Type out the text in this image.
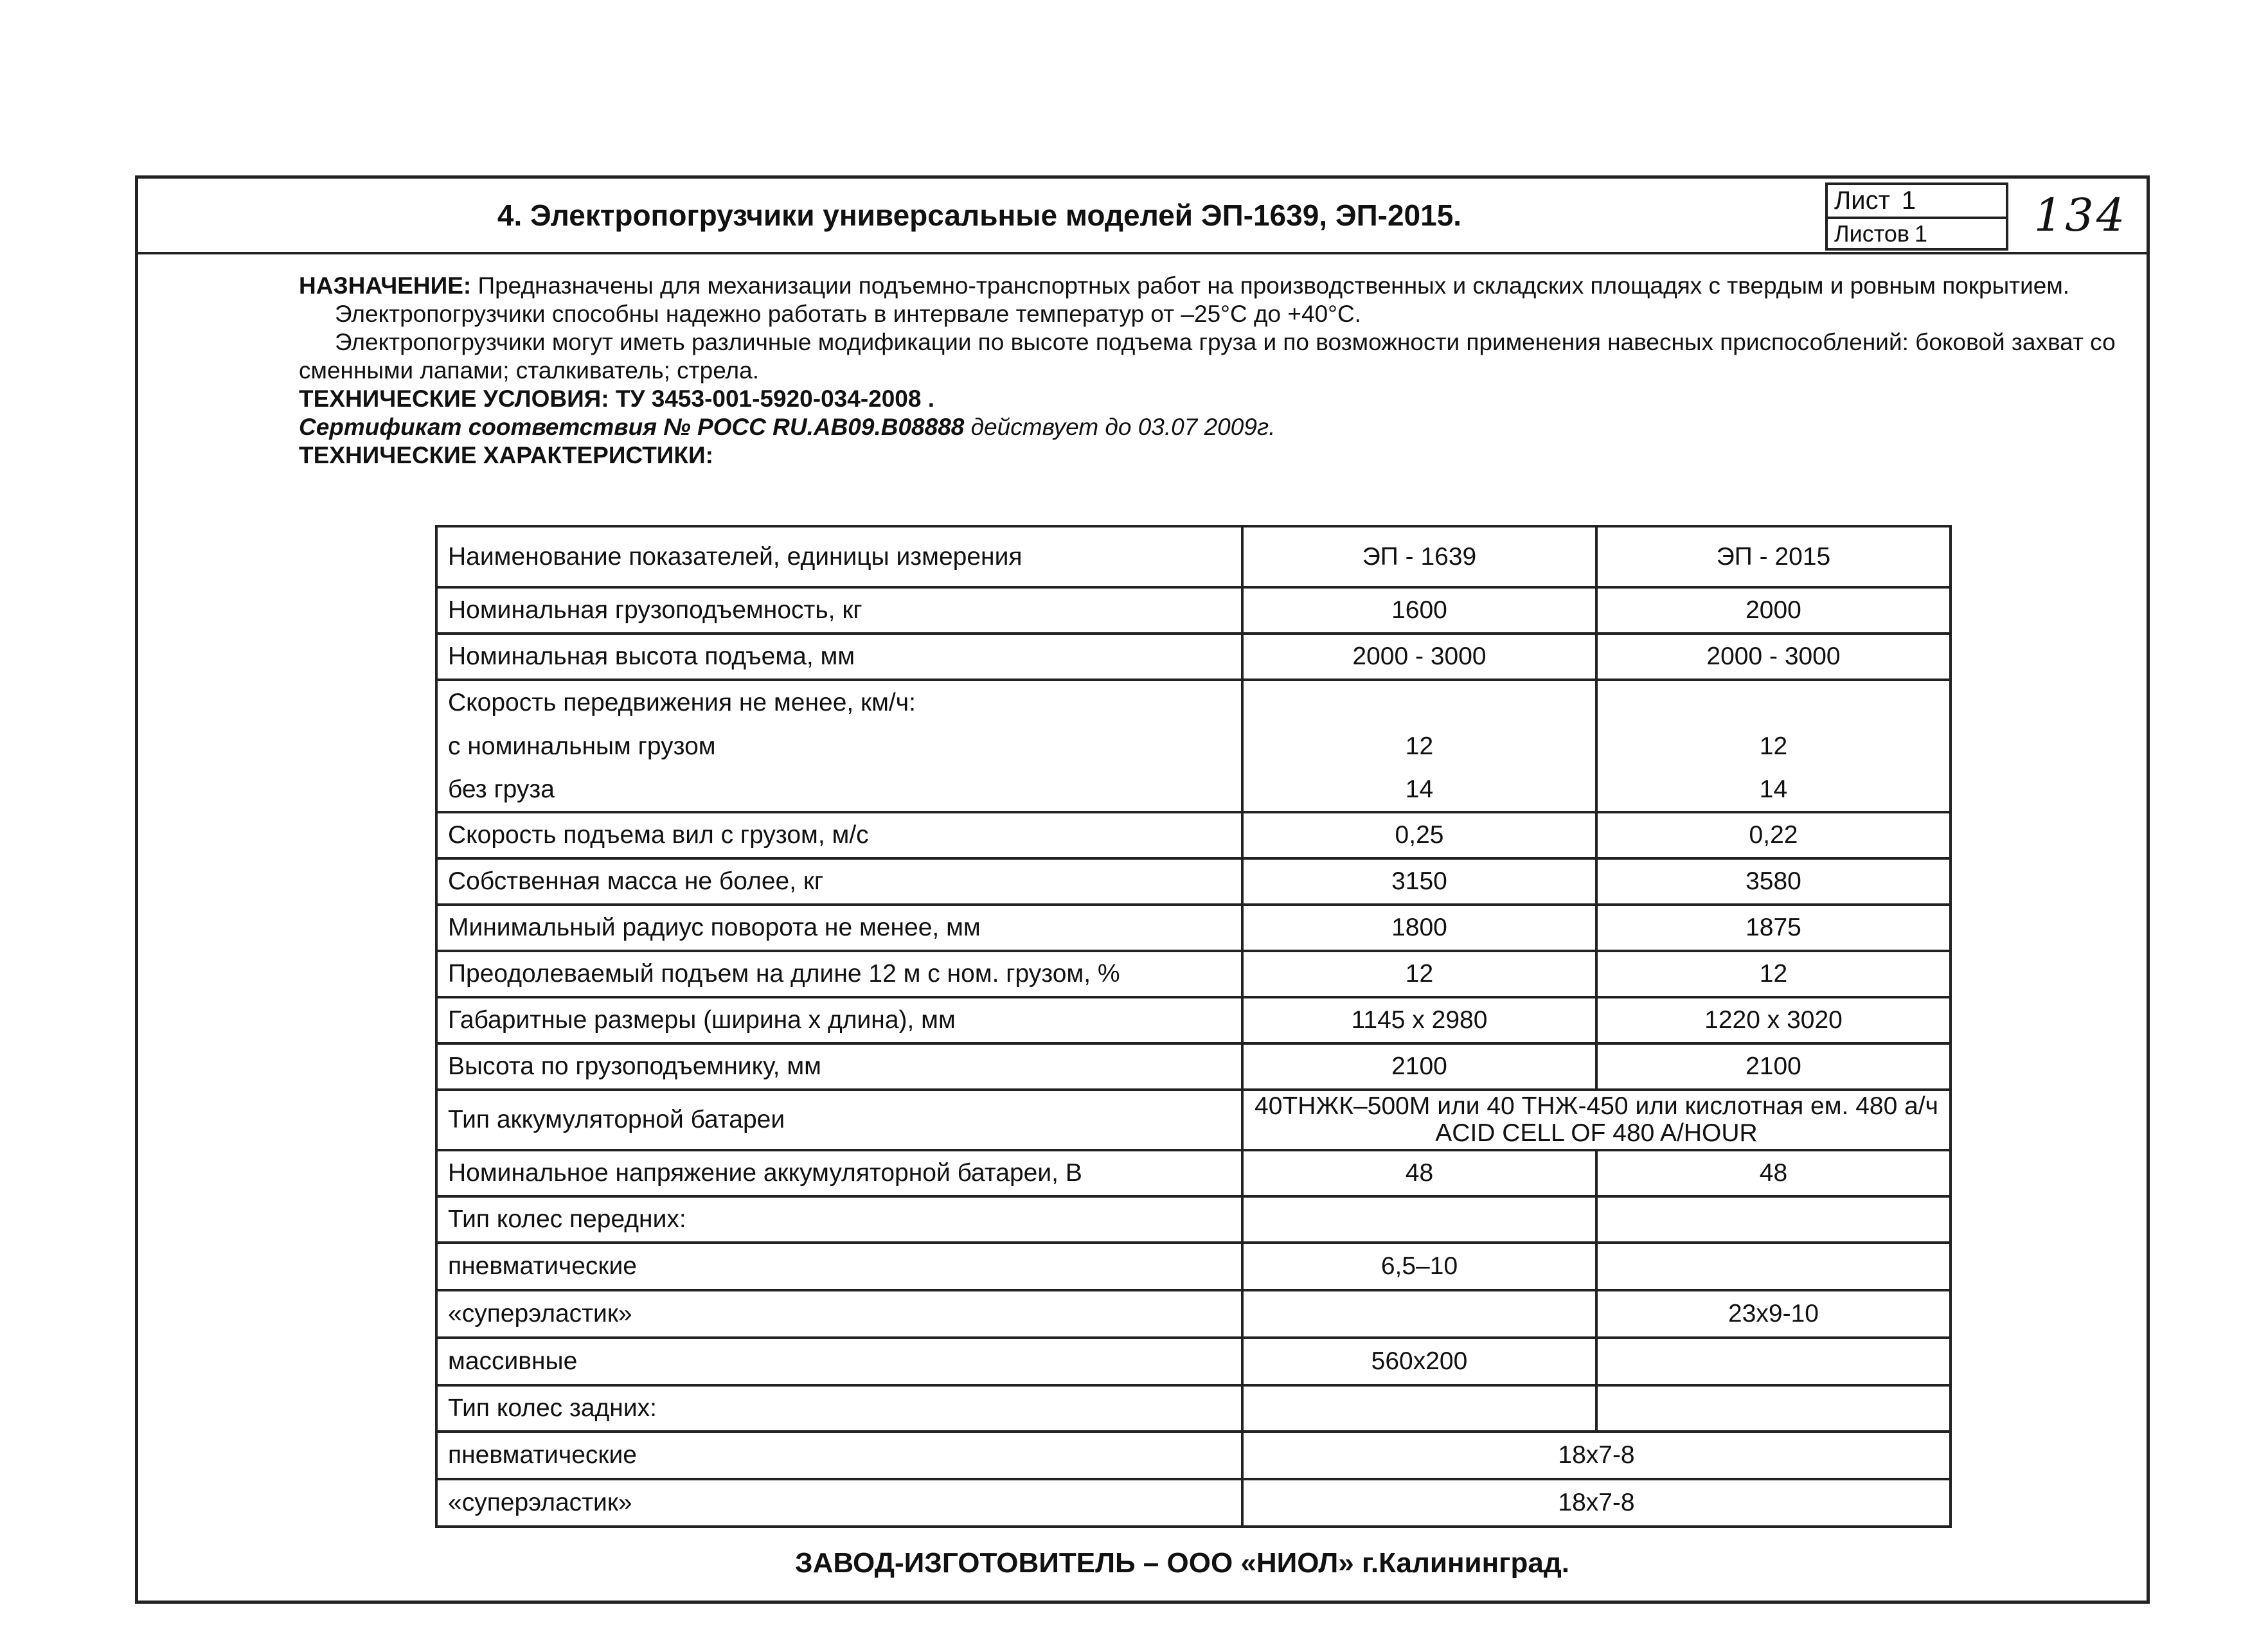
4. Электропогрузчики универсальные моделей ЭП-1639, ЭП-2015.	Лист 1
Листов 1	134

НАЗНАЧЕНИЕ: Предназначены для механизации подъемно-транспортных работ на производственных и складских площадях с твердым и ровным покрытием.

Электропогрузчики способны надежно работать в интервале температур от –25°С до +40°С.

Электропогрузчики могут иметь различные модификации по высоте подъема груза и по возможности применения навесных приспособлений: боковой захват со сменными лапами; сталкиватель; стрела.

ТЕХНИЧЕСКИЕ УСЛОВИЯ: ТУ 3453-001-5920-034-2008 .

Сертификат соответствия № РОСС RU.AB09.B08888 действует до 03.07 2009г.

ТЕХНИЧЕСКИЕ ХАРАКТЕРИСТИКИ:

Наименование показателей, единицы измерения	ЭП - 1639	ЭП - 2015
Номинальная грузоподъемность, кг	1600	2000
Номинальная высота подъема, мм	2000 - 3000	2000 - 3000
Скорость передвижения не менее, км/ч:		
с номинальным грузом	12	12
без груза	14	14
Скорость подъема вил с грузом, м/с	0,25	0,22
Собственная масса не более, кг	3150	3580
Минимальный радиус поворота не менее, мм	1800	1875
Преодолеваемый подъем на длине 12 м с ном. грузом, %	12	12
Габаритные размеры (ширина х длина), мм	1145 х 2980	1220 х 3020
Высота по грузоподъемнику, мм	2100	2100
Тип аккумуляторной батареи	40ТНЖК–500М или 40 ТНЖ-450 или кислотная ем. 480 а/ч ACID CELL OF 480 A/HOUR	
Номинальное напряжение аккумуляторной батареи, В	48	48
Тип колес передних:		
пневматические	6,5–10	
«суперэластик»		23х9-10
массивные	560х200	
Тип колес задних:		
пневматические	18х7-8	
«суперэластик»	18х7-8	
ЗАВОД-ИЗГОТОВИТЕЛЬ – ООО «НИОЛ» г.Калининград.
